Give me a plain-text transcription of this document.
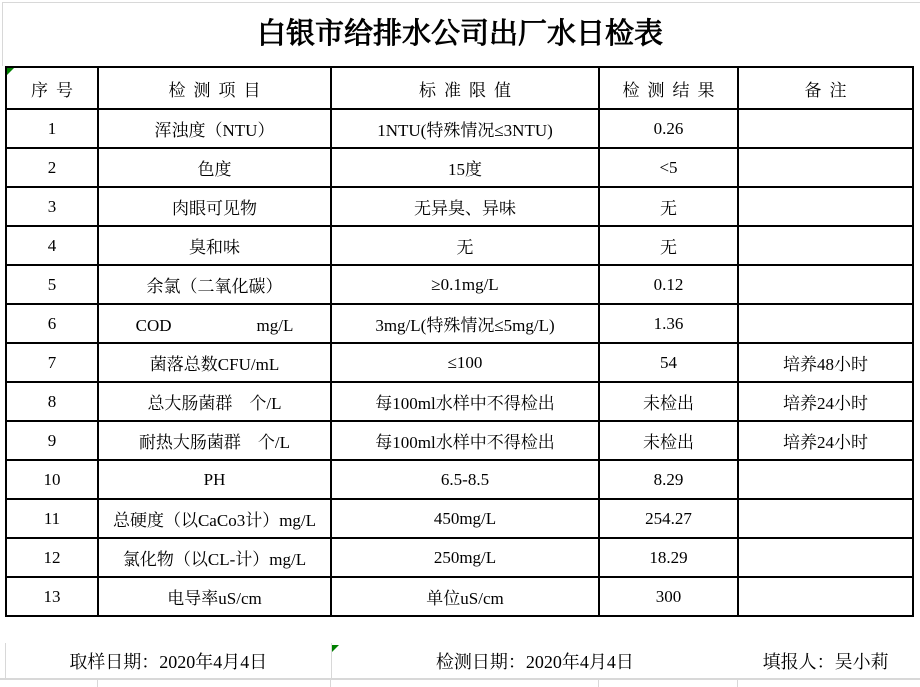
白银市给排水公司出厂水日检表
序号	检测项目	标准限值	检测结果	备注
1	浑浊度（NTU）	1NTU(特殊情况≤3NTU)	0.26	
2	色度	15度	<5	
3	肉眼可见物	无异臭、异味	无	
4	臭和味	无	无	
5	余氯（二氧化碳）	≥0.1mg/L	0.12	
6	COD　　　　　mg/L	3mg/L(特殊情况≤5mg/L)	1.36	
7	菌落总数CFU/mL	≤100	54	培养48小时
8	总大肠菌群　个/L	每100ml水样中不得检出	未检出	培养24小时
9	耐热大肠菌群　个/L	每100ml水样中不得检出	未检出	培养24小时
10	PH	6.5-8.5	8.29	
11	总硬度（以CaCo3计）mg/L	450mg/L	254.27	
12	氯化物（以CL-计）mg/L	250mg/L	18.29	
13	电导率uS/cm	单位uS/cm	300	
取样日期：2020年4月4日	检测日期：2020年4月4日	填报人：吴小莉
